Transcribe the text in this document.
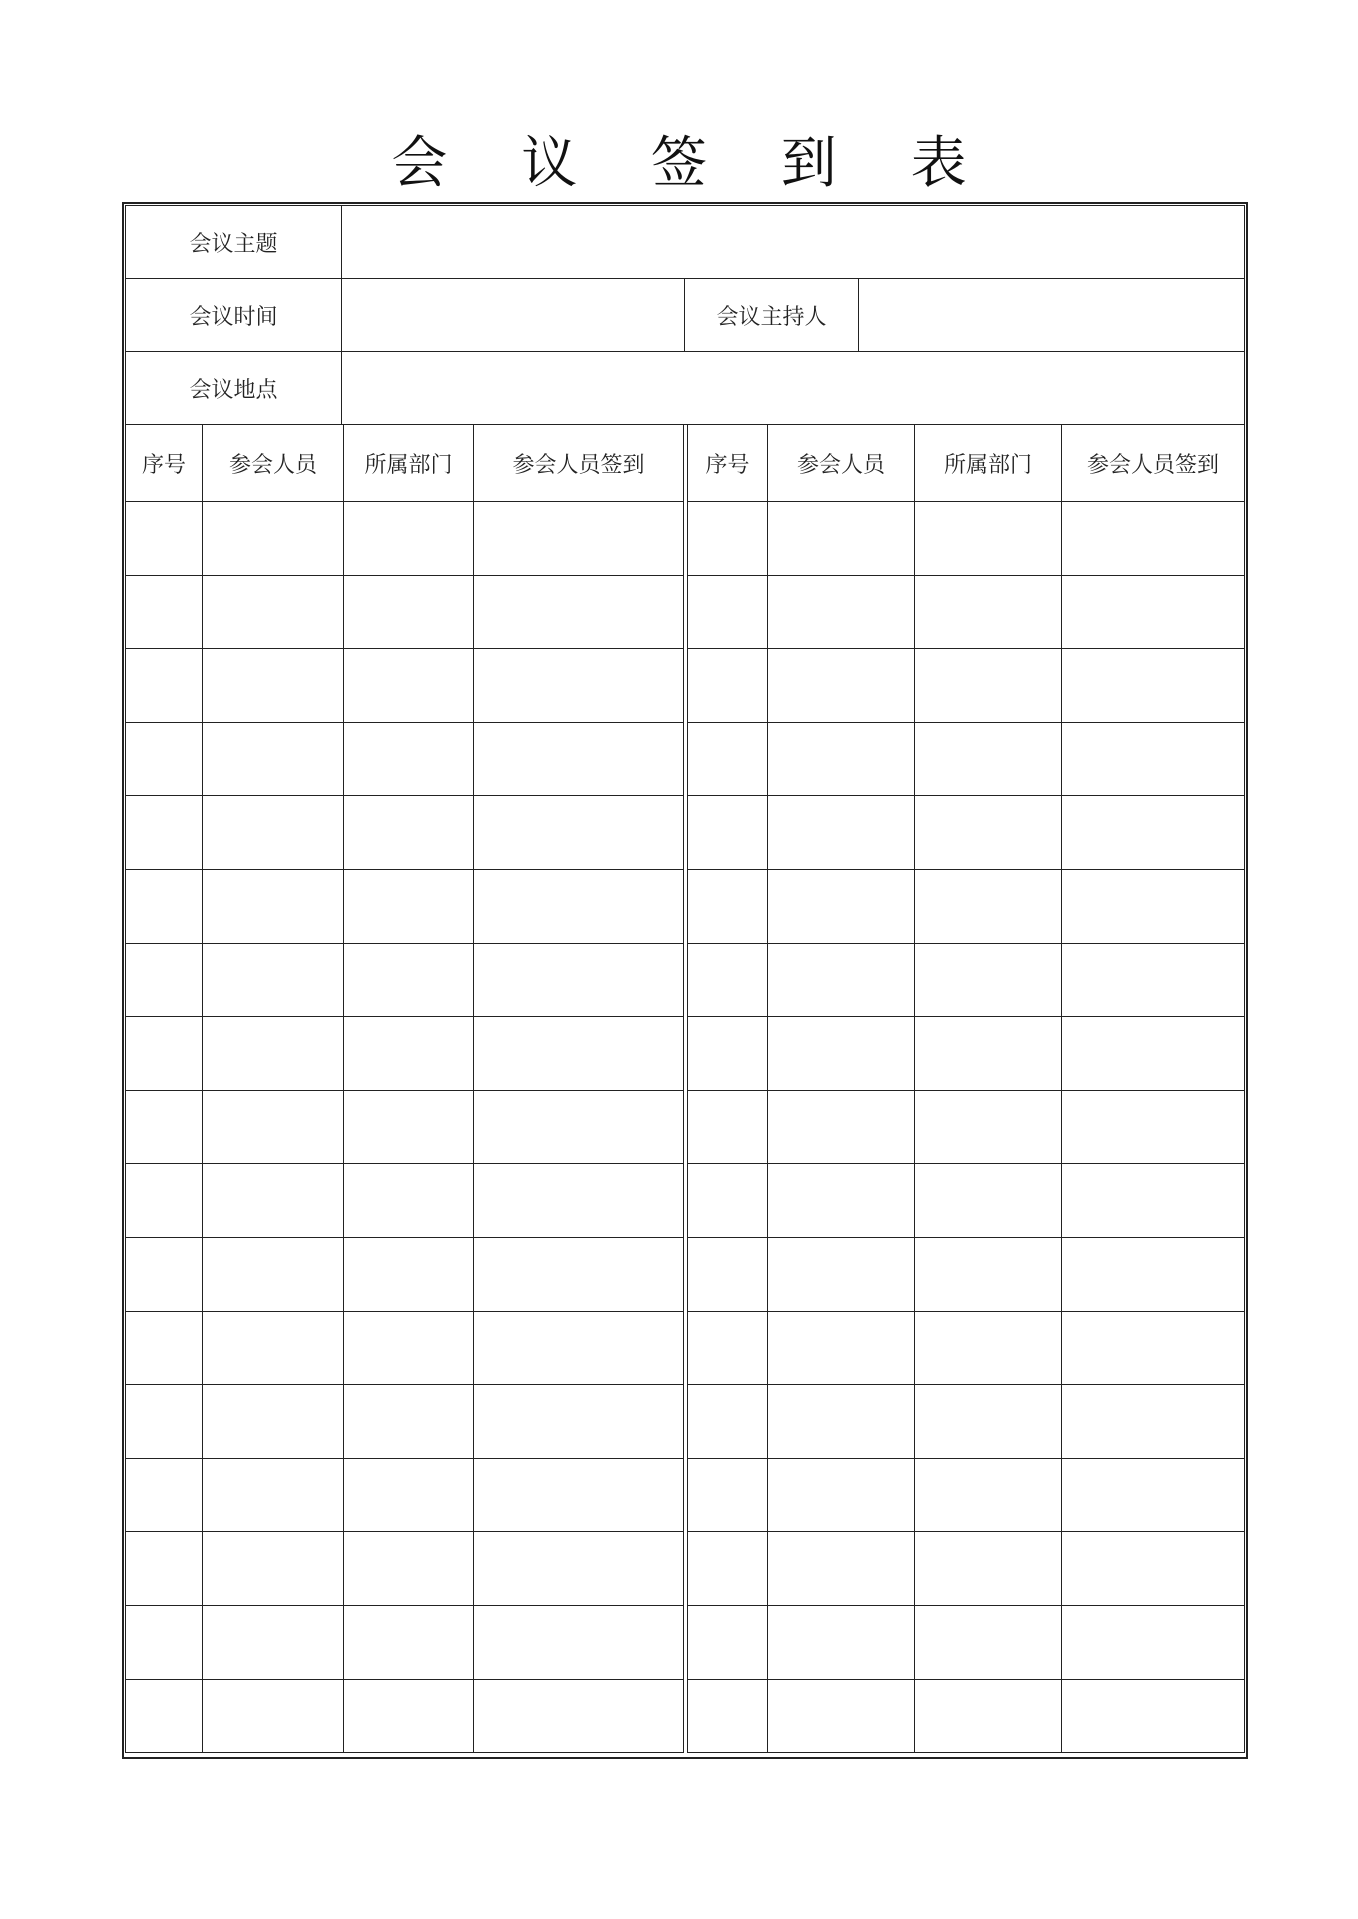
会 议 签 到 表
会议主题
会议时间	会议主持人
会议地点
序号	参会人员	所属部门	参会人员签到	序号	参会人员	所属部门	参会人员签到
